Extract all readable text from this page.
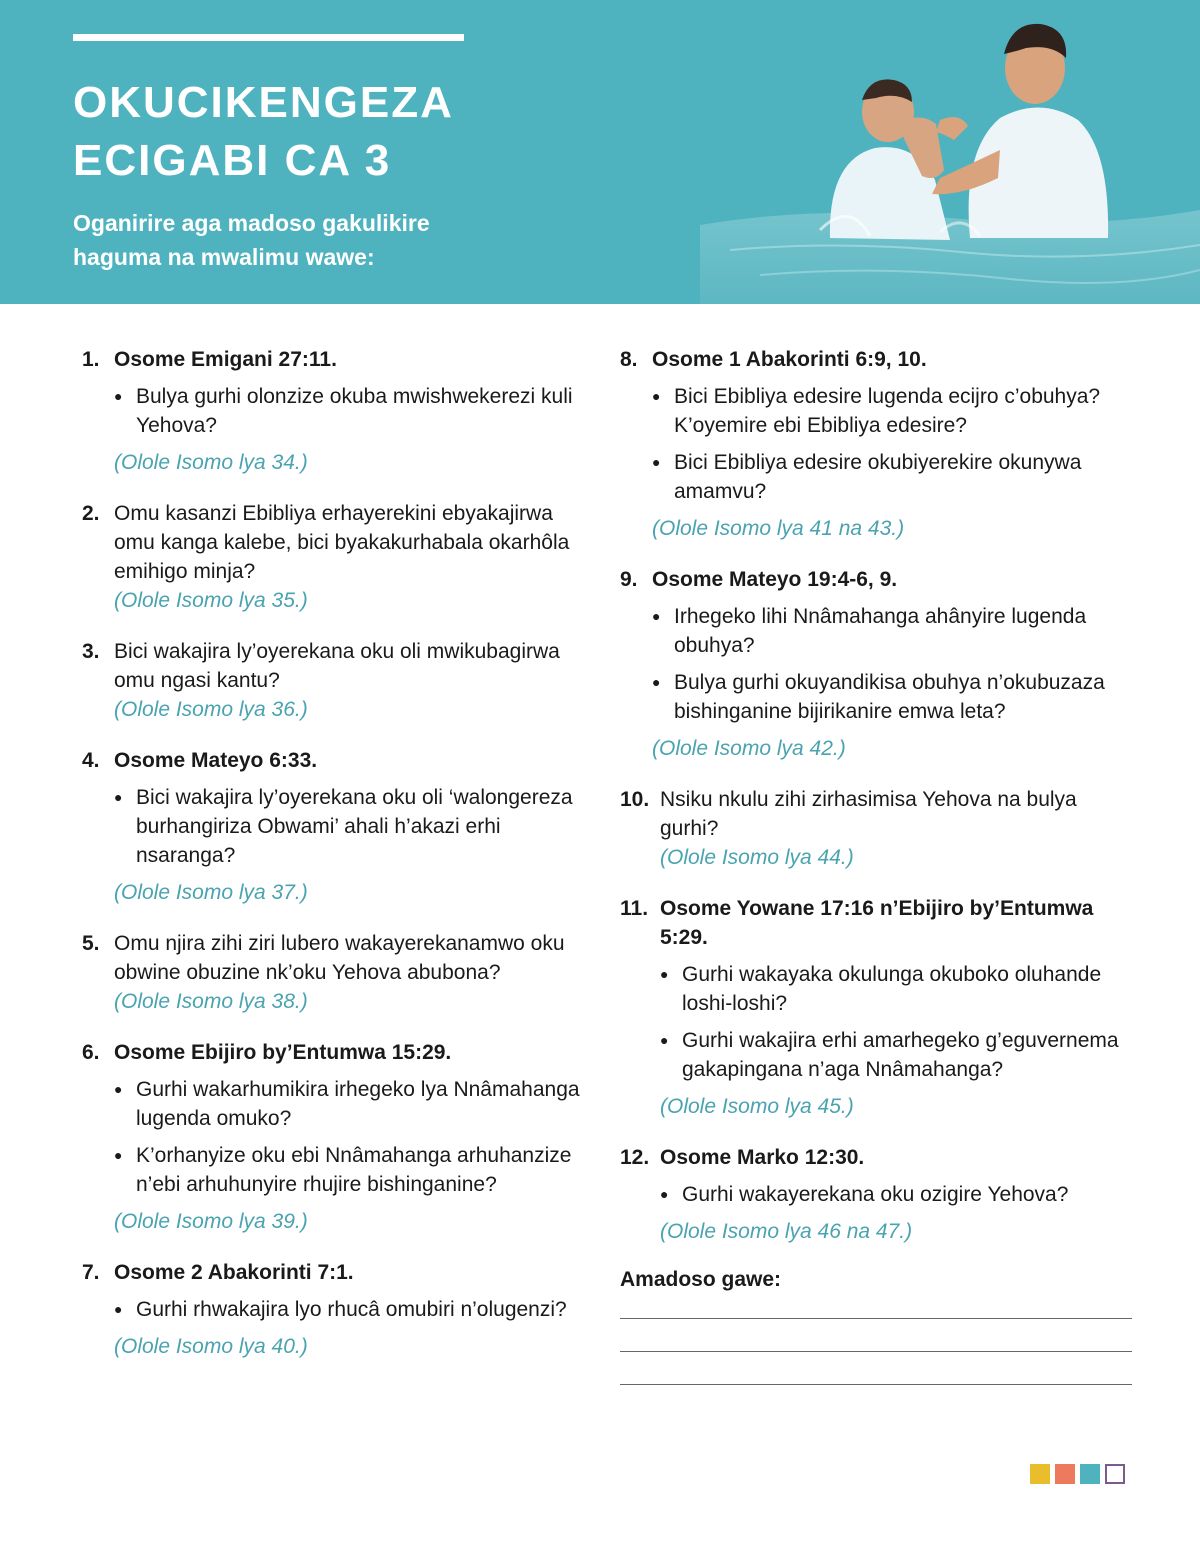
OKUCIKENGEZA
ECIGABI CA 3
Oganirire aga madoso gakulikire
haguma na mwalimu wawe:
1. Osome Emigani 27:11.
● Bulya gurhi olonzize okuba mwishwekerezi kuli Yehova?
(Olole Isomo lya 34.)
2. Omu kasanzi Ebibliya erhayerekini ebyakajirwa omu kanga kalebe, bici byakakurhabala okarhôla emihigo minja?
(Olole Isomo lya 35.)
3. Bici wakajira ly’oyerekana oku oli mwikubagirwa omu ngasi kantu?
(Olole Isomo lya 36.)
4. Osome Mateyo 6:33.
● Bici wakajira ly’oyerekana oku oli ‘walongereza burhangiriza Obwami’ ahali h’akazi erhi nsaranga?
(Olole Isomo lya 37.)
5. Omu njira zihi ziri lubero wakayerekanamwo oku obwine obuzine nk’oku Yehova abubona?
(Olole Isomo lya 38.)
6. Osome Ebijiro by’Entumwa 15:29.
● Gurhi wakarhumikira irhegeko lya Nnâmahanga lugenda omuko?
● K’orhanyize oku ebi Nnâmahanga arhuhanzize n’ebi arhuhunyire rhujire bishinganine?
(Olole Isomo lya 39.)
7. Osome 2 Abakorinti 7:1.
● Gurhi rhwakajira lyo rhucâ omubiri n’olugenzi?
(Olole Isomo lya 40.)
8. Osome 1 Abakorinti 6:9, 10.
● Bici Ebibliya edesire lugenda ecijro c’obuhya? K’oyemire ebi Ebibliya edesire?
● Bici Ebibliya edesire okubiyerekire okunywa amamvu?
(Olole Isomo lya 41 na 43.)
9. Osome Mateyo 19:4-6, 9.
● Irhegeko lihi Nnâmahanga ahânyire lugenda obuhya?
● Bulya gurhi okuyandikisa obuhya n’okubuzaza bishinganine bijirikanire emwa leta?
(Olole Isomo lya 42.)
10. Nsiku nkulu zihi zirhasimisa Yehova na bulya gurhi?
(Olole Isomo lya 44.)
11. Osome Yowane 17:16 n’Ebijiro by’Entumwa 5:29.
● Gurhi wakayaka okulunga okuboko oluhande loshi-loshi?
● Gurhi wakajira erhi amarhegeko g’eguvernema gakapingana n’aga Nnâmahanga?
(Olole Isomo lya 45.)
12. Osome Marko 12:30.
● Gurhi wakayerekana oku ozigire Yehova?
(Olole Isomo lya 46 na 47.)
Amadoso gawe:
